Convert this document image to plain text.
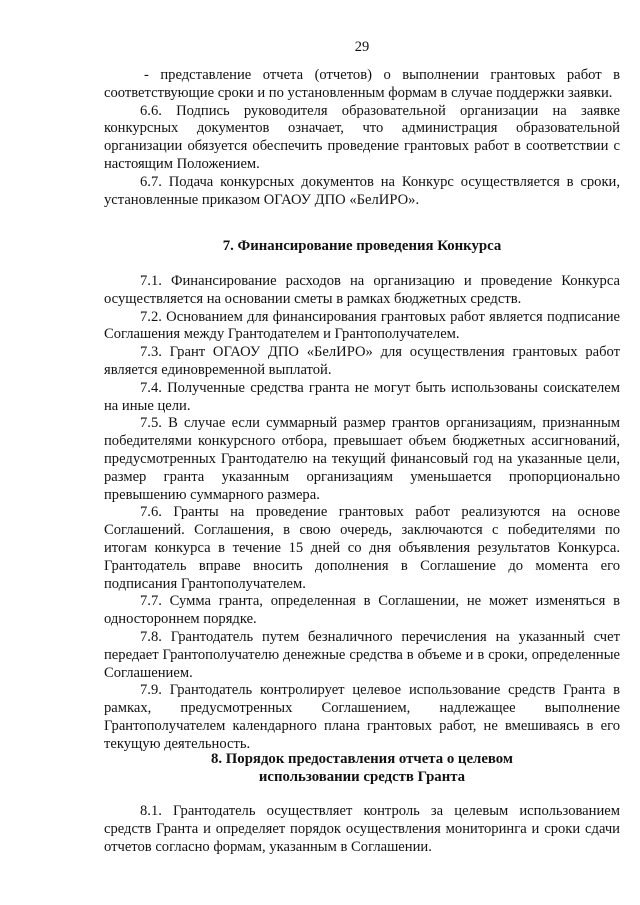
29

- представление отчета (отчетов) о выполнении грантовых работ в соответствующие сроки и по установленным формам в случае поддержки заявки.

6.6. Подпись руководителя образовательной организации на заявке конкурсных документов означает, что администрация образовательной организации обязуется обеспечить проведение грантовых работ в соответствии с настоящим Положением.

6.7. Подача конкурсных документов на Конкурс осуществляется в сроки, установленные приказом ОГАОУ ДПО «БелИРО».

7. Финансирование проведения Конкурса

7.1. Финансирование расходов на организацию и проведение Конкурса осуществляется на основании сметы в рамках бюджетных средств.

7.2. Основанием для финансирования грантовых работ является подписание Соглашения между Грантодателем и Грантополучателем.

7.3. Грант ОГАОУ ДПО «БелИРО» для осуществления грантовых работ является единовременной выплатой.

7.4. Полученные средства гранта не могут быть использованы соискателем на иные цели.

7.5. В случае если суммарный размер грантов организациям, признанным победителями конкурсного отбора, превышает объем бюджетных ассигнований, предусмотренных Грантодателю на текущий финансовый год на указанные цели, размер гранта указанным организациям уменьшается пропорционально превышению суммарного размера.

7.6. Гранты на проведение грантовых работ реализуются на основе Соглашений. Соглашения, в свою очередь, заключаются с победителями по итогам конкурса в течение 15 дней со дня объявления результатов Конкурса. Грантодатель вправе вносить дополнения в Соглашение до момента его подписания Грантополучателем.

7.7. Сумма гранта, определенная в Соглашении, не может изменяться в одностороннем порядке.

7.8. Грантодатель путем безналичного перечисления на указанный счет передает Грантополучателю денежные средства в объеме и в сроки, определенные Соглашением.

7.9. Грантодатель контролирует целевое использование средств Гранта в рамках, предусмотренных Соглашением, надлежащее выполнение Грантополучателем календарного плана грантовых работ, не вмешиваясь в его текущую деятельность.

8. Порядок предоставления отчета о целевом
использовании средств Гранта

8.1. Грантодатель осуществляет контроль за целевым использованием средств Гранта и определяет порядок осуществления мониторинга и сроки сдачи отчетов согласно формам, указанным в Соглашении.
